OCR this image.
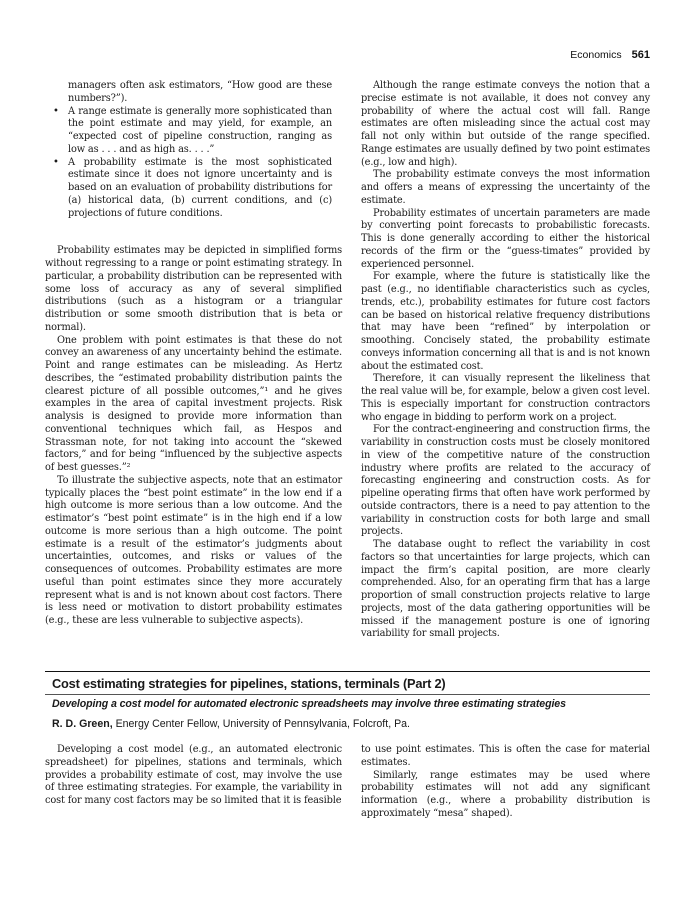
Economics 561
managers often ask estimators, “How good are these numbers?”).
• A range estimate is generally more sophisticated than the point estimate and may yield, for example, an “expected cost of pipeline construction, ranging as low as . . . and as high as. . . .”
• A probability estimate is the most sophisticated estimate since it does not ignore uncertainty and is based on an evaluation of probability distributions for (a) historical data, (b) current conditions, and (c) projections of future conditions.

Probability estimates may be depicted in simplified forms without regressing to a range or point estimating strategy. In particular, a probability distribution can be represented with some loss of accuracy as any of several simplified distributions (such as a histogram or a triangular distribution or some smooth distribution that is beta or normal).

One problem with point estimates is that these do not convey an awareness of any uncertainty behind the estimate. Point and range estimates can be misleading. As Hertz describes, the “estimated probability distribution paints the clearest picture of all possible outcomes,”¹ and he gives examples in the area of capital investment projects. Risk analysis is designed to provide more information than conventional techniques which fail, as Hespos and Strassman note, for not taking into account the “skewed factors,” and for being “influenced by the subjective aspects of best guesses.”²

To illustrate the subjective aspects, note that an estimator typically places the “best point estimate” in the low end if a high outcome is more serious than a low outcome. And the estimator’s “best point estimate” is in the high end if a low outcome is more serious than a high outcome. The point estimate is a result of the estimator’s judgments about uncertainties, outcomes, and risks or values of the consequences of outcomes. Probability estimates are more useful than point estimates since they more accurately represent what is and is not known about cost factors. There is less need or motivation to distort probability estimates (e.g., these are less vulnerable to subjective aspects).

Although the range estimate conveys the notion that a precise estimate is not available, it does not convey any probability of where the actual cost will fall. Range estimates are often misleading since the actual cost may fall not only within but outside of the range specified. Range estimates are usually defined by two point estimates (e.g., low and high).

The probability estimate conveys the most information and offers a means of expressing the uncertainty of the estimate.

Probability estimates of uncertain parameters are made by converting point forecasts to probabilistic forecasts. This is done generally according to either the historical records of the firm or the “guess-timates” provided by experienced personnel.

For example, where the future is statistically like the past (e.g., no identifiable characteristics such as cycles, trends, etc.), probability estimates for future cost factors can be based on historical relative frequency distributions that may have been “refined” by interpolation or smoothing. Concisely stated, the probability estimate conveys information concerning all that is and is not known about the estimated cost.

Therefore, it can visually represent the likeliness that the real value will be, for example, below a given cost level. This is especially important for construction contractors who engage in bidding to perform work on a project.

For the contract-engineering and construction firms, the variability in construction costs must be closely monitored in view of the competitive nature of the construction industry where profits are related to the accuracy of forecasting engineering and construction costs. As for pipeline operating firms that often have work performed by outside contractors, there is a need to pay attention to the variability in construction costs for both large and small projects.

The database ought to reflect the variability in cost factors so that uncertainties for large projects, which can impact the firm’s capital position, are more clearly comprehended. Also, for an operating firm that has a large proportion of small construction projects relative to large projects, most of the data gathering opportunities will be missed if the management posture is one of ignoring variability for small projects.

Cost estimating strategies for pipelines, stations, terminals (Part 2)
Developing a cost model for automated electronic spreadsheets may involve three estimating strategies
R. D. Green, Energy Center Fellow, University of Pennsylvania, Folcroft, Pa.

Developing a cost model (e.g., an automated electronic spreadsheet) for pipelines, stations and terminals, which provides a probability estimate of cost, may involve the use of three estimating strategies. For example, the variability in cost for many cost factors may be so limited that it is feasible

to use point estimates. This is often the case for material estimates.

Similarly, range estimates may be used where probability estimates will not add any significant information (e.g., where a probability distribution is approximately “mesa” shaped).
